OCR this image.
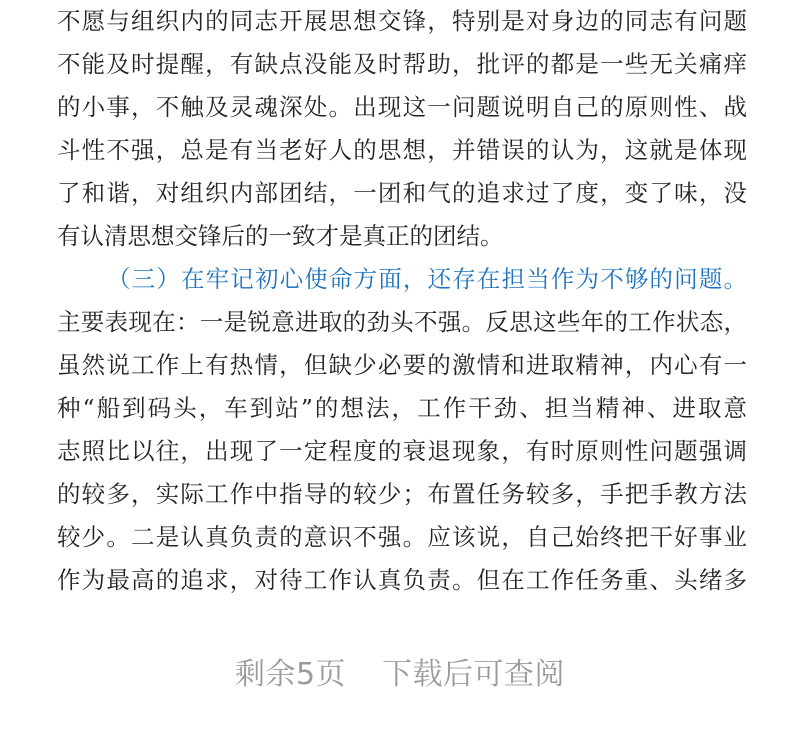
不愿与组织内的同志开展思想交锋，特别是对身边的同志有问题
不能及时提醒，有缺点没能及时帮助，批评的都是一些无关痛痒
的小事，不触及灵魂深处。出现这一问题说明自己的原则性、战
斗性不强，总是有当老好人的思想，并错误的认为，这就是体现
了和谐，对组织内部团结，一团和气的追求过了度，变了味，没
有认清思想交锋后的一致才是真正的团结。
（三）在牢记初心使命方面，还存在担当作为不够的问题。
主要表现在：一是锐意进取的劲头不强。反思这些年的工作状态，
虽然说工作上有热情，但缺少必要的激情和进取精神，内心有一
种“船到码头，车到站”的想法，工作干劲、担当精神、进取意
志照比以往，出现了一定程度的衰退现象，有时原则性问题强调
的较多，实际工作中指导的较少；布置任务较多，手把手教方法
较少。二是认真负责的意识不强。应该说，自己始终把干好事业
作为最高的追求，对待工作认真负责。但在工作任务重、头绪多
剩余5页 下载后可查阅
